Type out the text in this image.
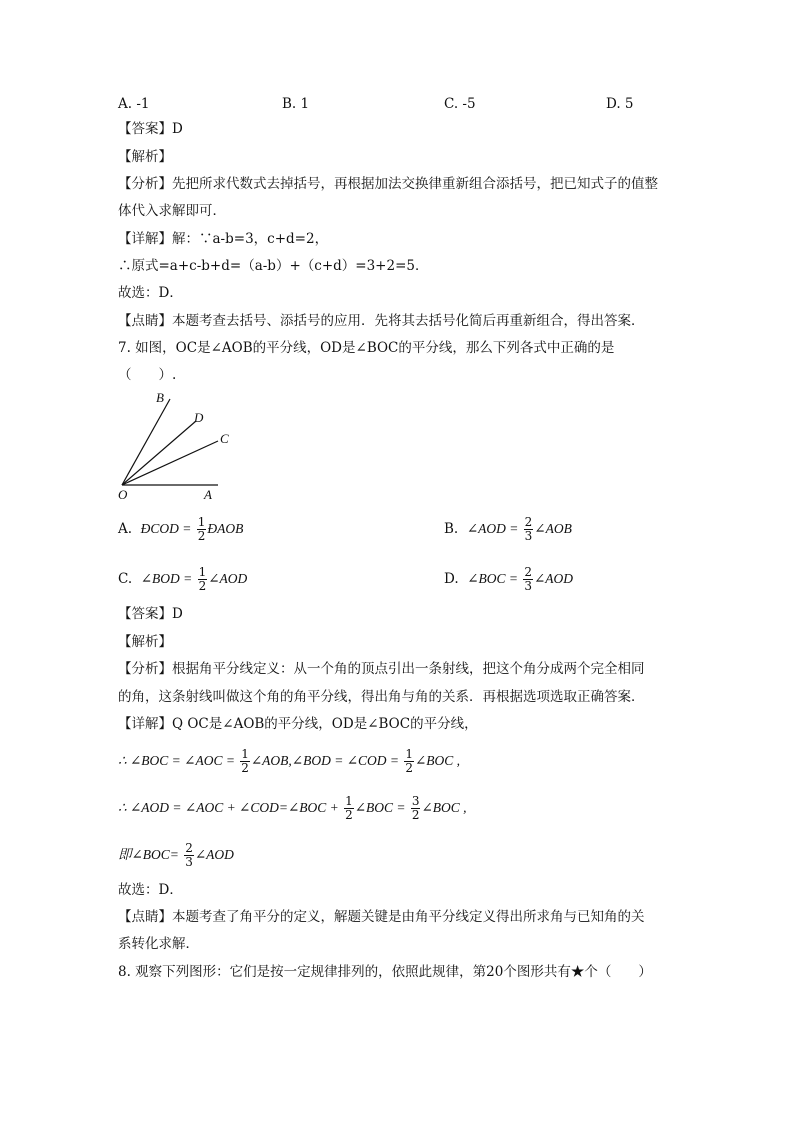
A. -1	B. 1	C. -5	D. 5
【答案】D
【解析】
【分析】先把所求代数式去掉括号，再根据加法交换律重新组合添括号，把已知式子的值整
体代入求解即可．
【详解】解：∵a-b=3，c+d=2，
∴原式=a+c-b+d=（a-b）+（c+d）=3+2=5．
故选：D．
【点睛】本题考查去括号、添括号的应用．先将其去括号化简后再重新组合，得出答案．
7. 如图，OC是∠AOB的平分线，OD是∠BOC的平分线，那么下列各式中正确的是
（　　）.
B
D
C
O	A
A. ÐCOD = $\frac{1}{2}$ ÐAOB	B. ∠AOD = $\frac{2}{3}$ ∠AOB
C. ∠BOD = $\frac{1}{2}$ ∠AOD	D. ∠BOC = $\frac{2}{3}$ ∠AOD
【答案】D
【解析】
【分析】根据角平分线定义：从一个角的顶点引出一条射线，把这个角分成两个完全相同
的角，这条射线叫做这个角的角平分线，得出角与角的关系．再根据选项选取正确答案．
【详解】Q OC是∠AOB的平分线，OD是∠BOC的平分线，
∴ ∠BOC = ∠AOC = $\frac{1}{2}$ ∠AOB,∠BOD = ∠COD = $\frac{1}{2}$ ∠BOC ,
∴ ∠AOD = ∠AOC + ∠COD=∠BOC + $\frac{1}{2}$ ∠BOC = $\frac{3}{2}$ ∠BOC ,
即∠BOC= $\frac{2}{3}$ ∠AOD
故选：D．
【点睛】本题考查了角平分的定义，解题关键是由角平分线定义得出所求角与已知角的关
系转化求解．
8. 观察下列图形：它们是按一定规律排列的，依照此规律，第20个图形共有★个（　　）
